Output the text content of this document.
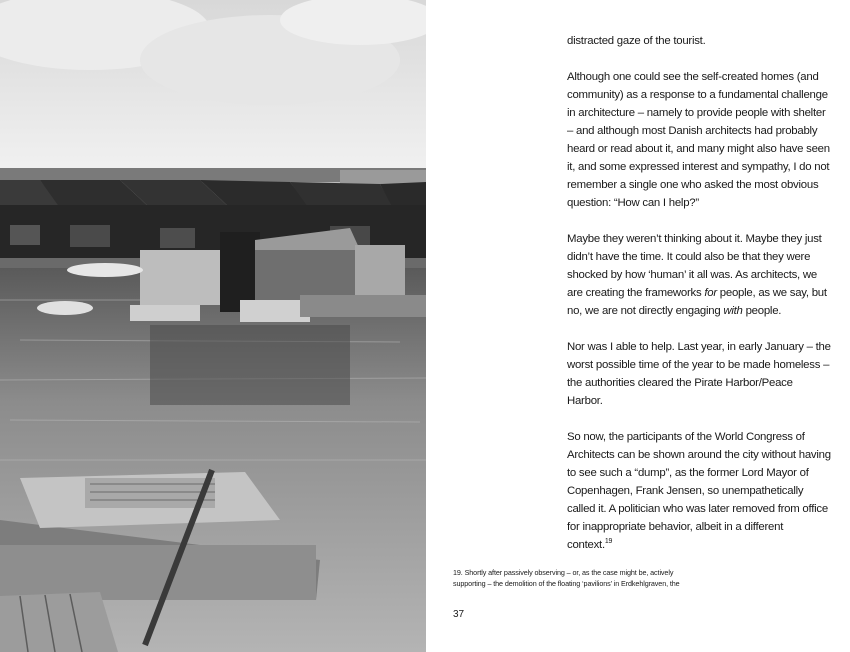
distracted gaze of the tourist.

Although one could see the self-created homes (and community) as a response to a fundamental challenge in architecture – namely to provide people with shelter – and although most Danish architects had probably heard or read about it, and many might also have seen it, and some expressed interest and sympathy, I do not remember a single one who asked the most obvious question: “How can I help?”

Maybe they weren’t thinking about it. Maybe they just didn’t have the time. It could also be that they were shocked by how ‘human’ it all was. As architects, we are creating the frameworks for people, as we say, but no, we are not directly engaging with people.

Nor was I able to help. Last year, in early January – the worst possible time of the year to be made homeless – the authorities cleared the Pirate Harbor/Peace Harbor.

So now, the participants of the World Congress of Architects can be shown around the city without having to see such a “dump”, as the former Lord Mayor of Copenhagen, Frank Jensen, so unempathetically called it. A politician who was later removed from office for inappropriate behavior, albeit in a different context.$^{19}$

19. Shortly after passively observing – or, as the case might be, actively
supporting – the demolition of the floating ‘pavilions’ in Erdkehlgraven, the
37
